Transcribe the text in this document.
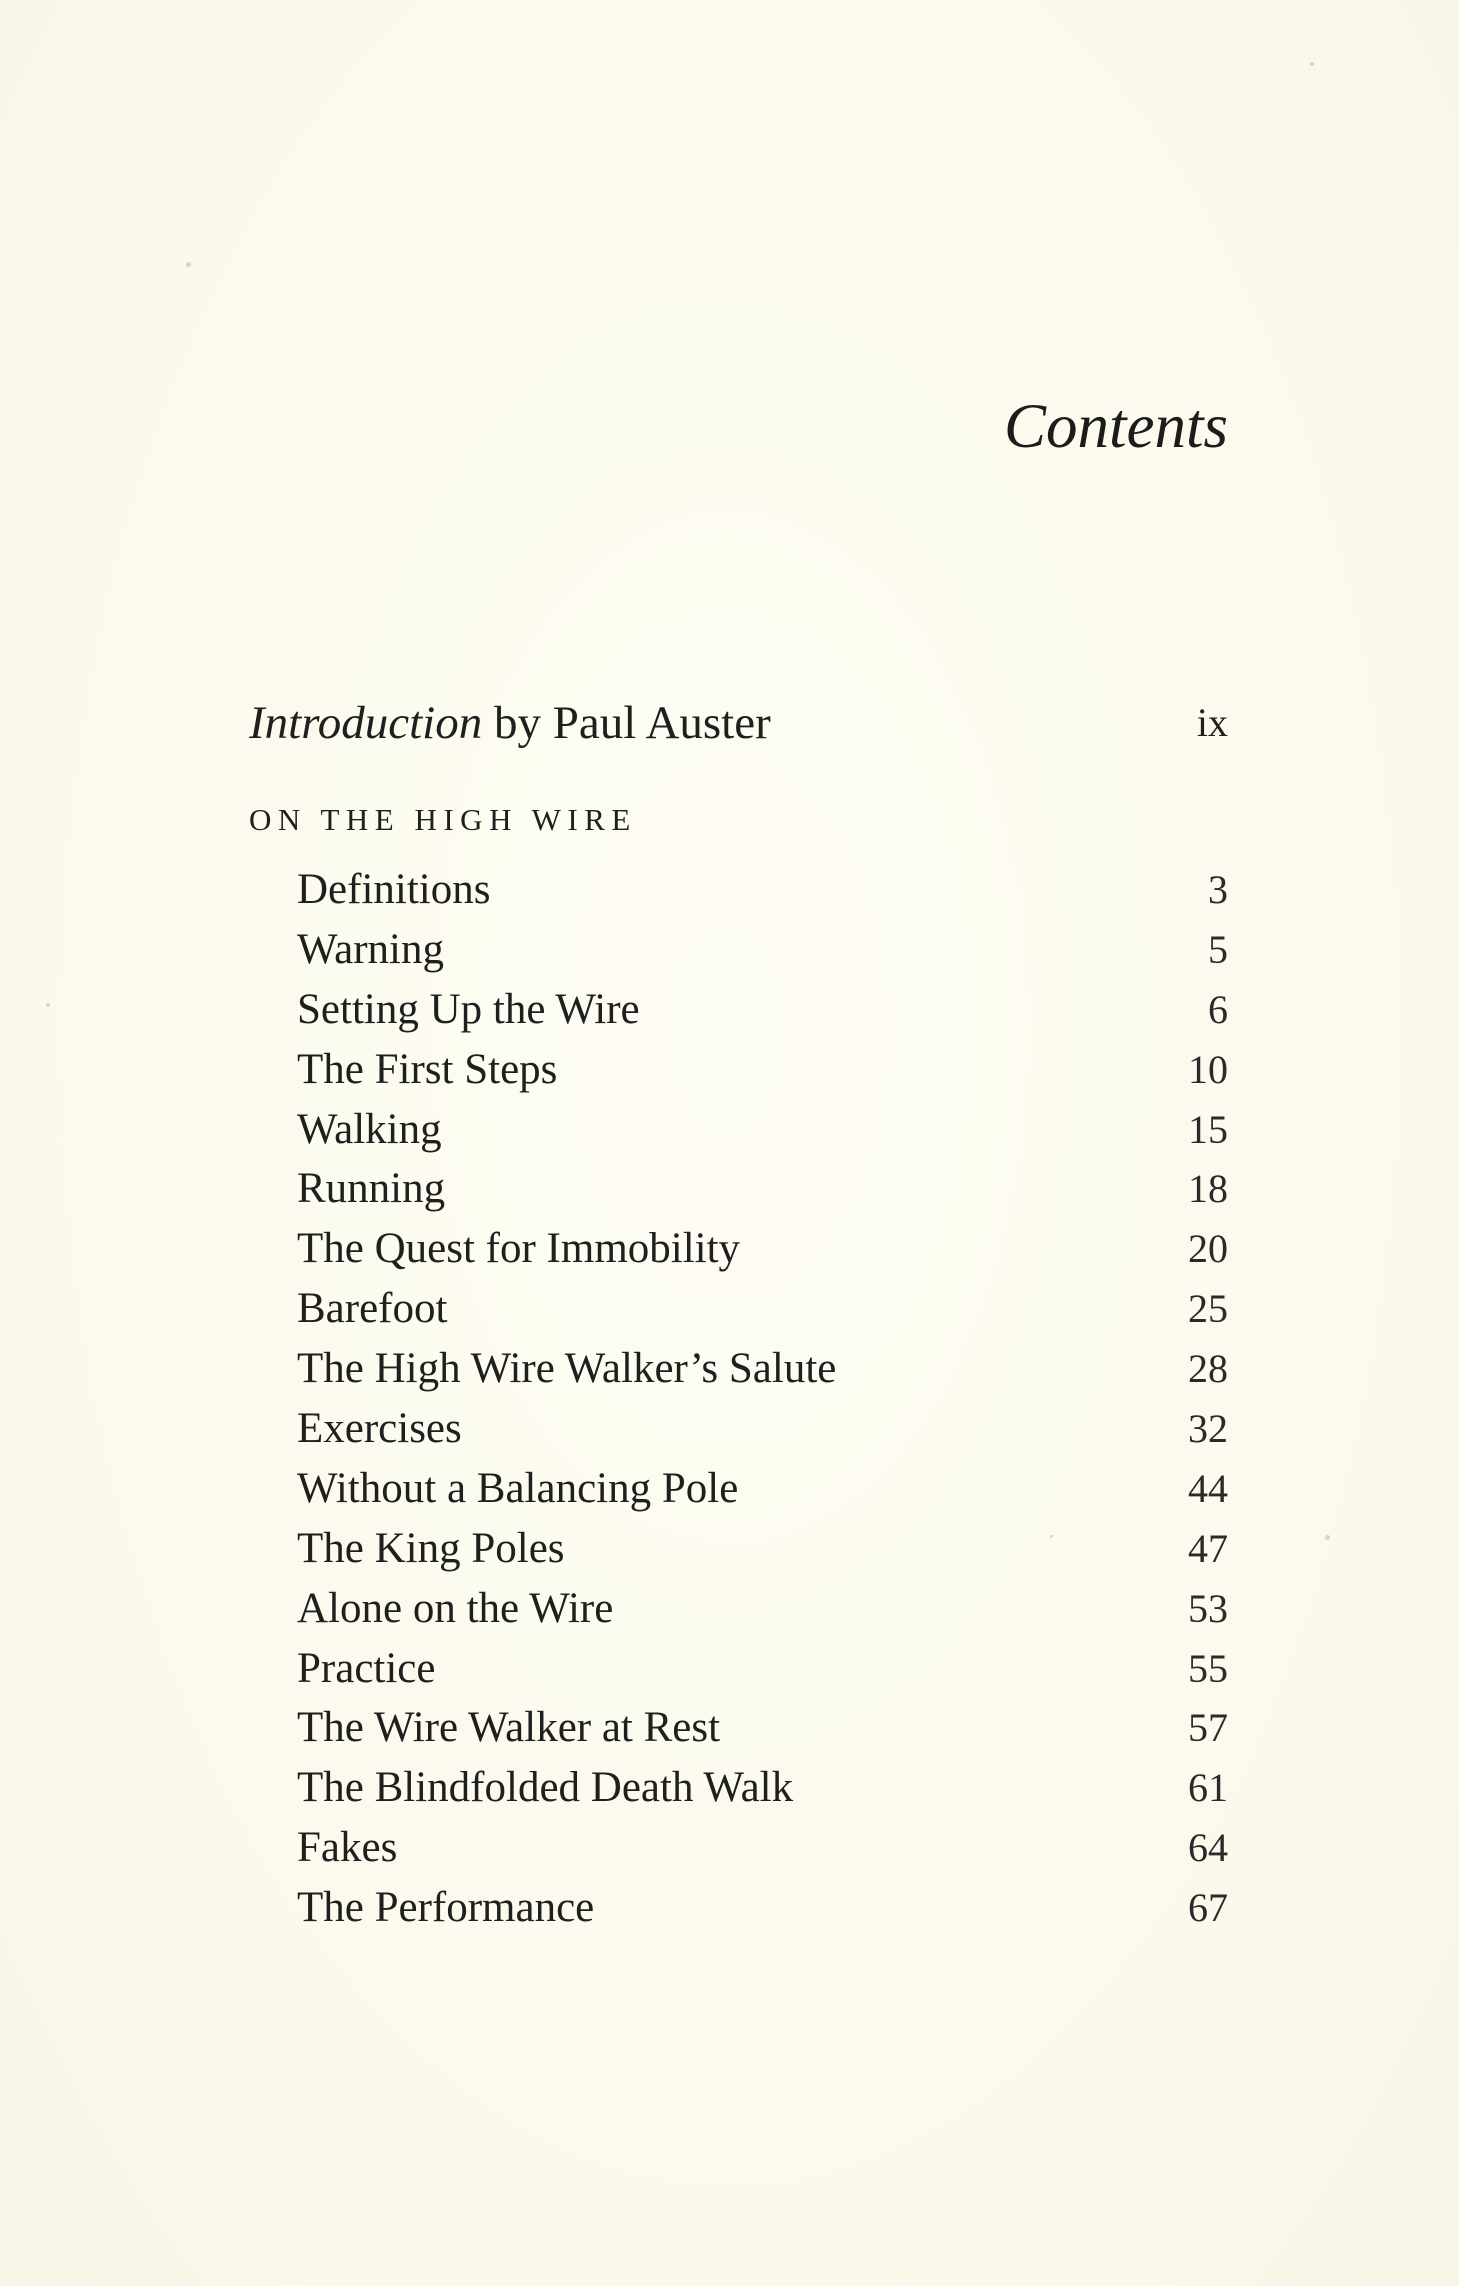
Contents
Introduction by Paul Auster	ix
ON THE HIGH WIRE
Definitions	3
Warning	5
Setting Up the Wire	6
The First Steps	10
Walking	15
Running	18
The Quest for Immobility	20
Barefoot	25
The High Wire Walker’s Salute	28
Exercises	32
Without a Balancing Pole	44
The King Poles	47
Alone on the Wire	53
Practice	55
The Wire Walker at Rest	57
The Blindfolded Death Walk	61
Fakes	64
The Performance	67
